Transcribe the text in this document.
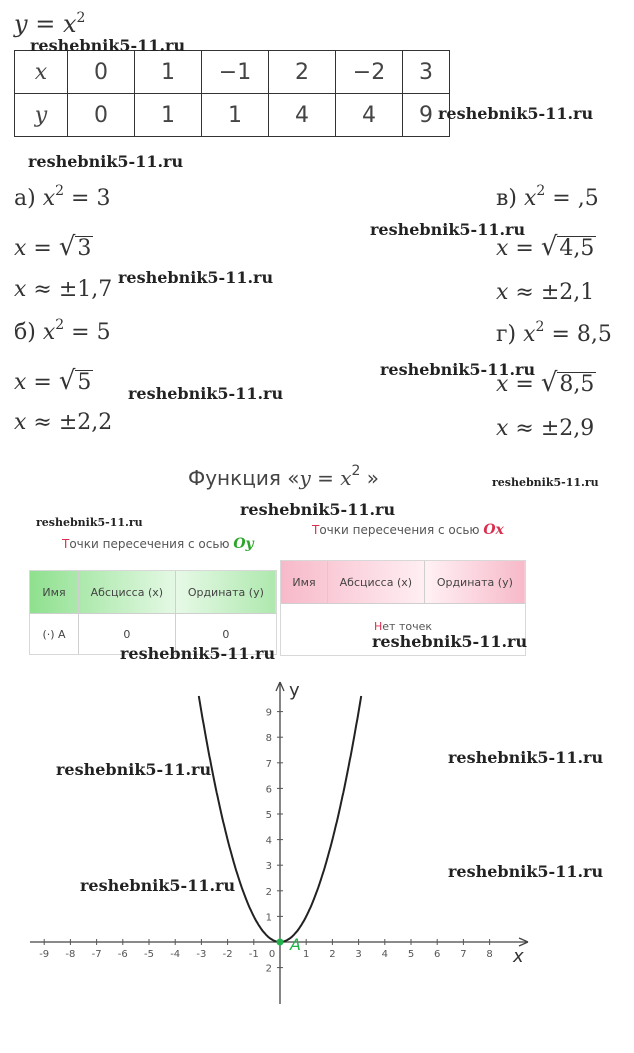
$y = x^2$
x	0	1	−1	2	−2	3
y	0	1	1	4	4	9
а) $x^2 = 3$
x = √3
x ≈ ±1,7
б) $x^2 = 5$
x = √5
x ≈ ±2,2
в) $x^2 = ,5$
x = √4,5
x ≈ ±2,1
г) $x^2 = 8,5$
x = √8,5
x ≈ ±2,9
Функция «$y = x^2$ »
Точки пересечения с осью Oy
Имя	Абсцисса (x)	Ордината (y)
(·) A	0	0
Точки пересечения с осью Ox
Имя	Абсцисса (x)	Ордината (y)
Нет точек
x
y
-9 -8 -7 -6 -5 -4 -3 -2 -1 0	1 2 3 4 5 6 7 8
9
8
7
6
5
4
3
2
1
2
A
reshebnik5-11.ru
reshebnik5-11.ru
reshebnik5-11.ru
reshebnik5-11.ru
reshebnik5-11.ru
reshebnik5-11.ru
reshebnik5-11.ru
reshebnik5-11.ru
reshebnik5-11.ru
reshebnik5-11.ru
reshebnik5-11.ru
reshebnik5-11.ru
reshebnik5-11.ru
reshebnik5-11.ru
reshebnik5-11.ru
reshebnik5-11.ru
